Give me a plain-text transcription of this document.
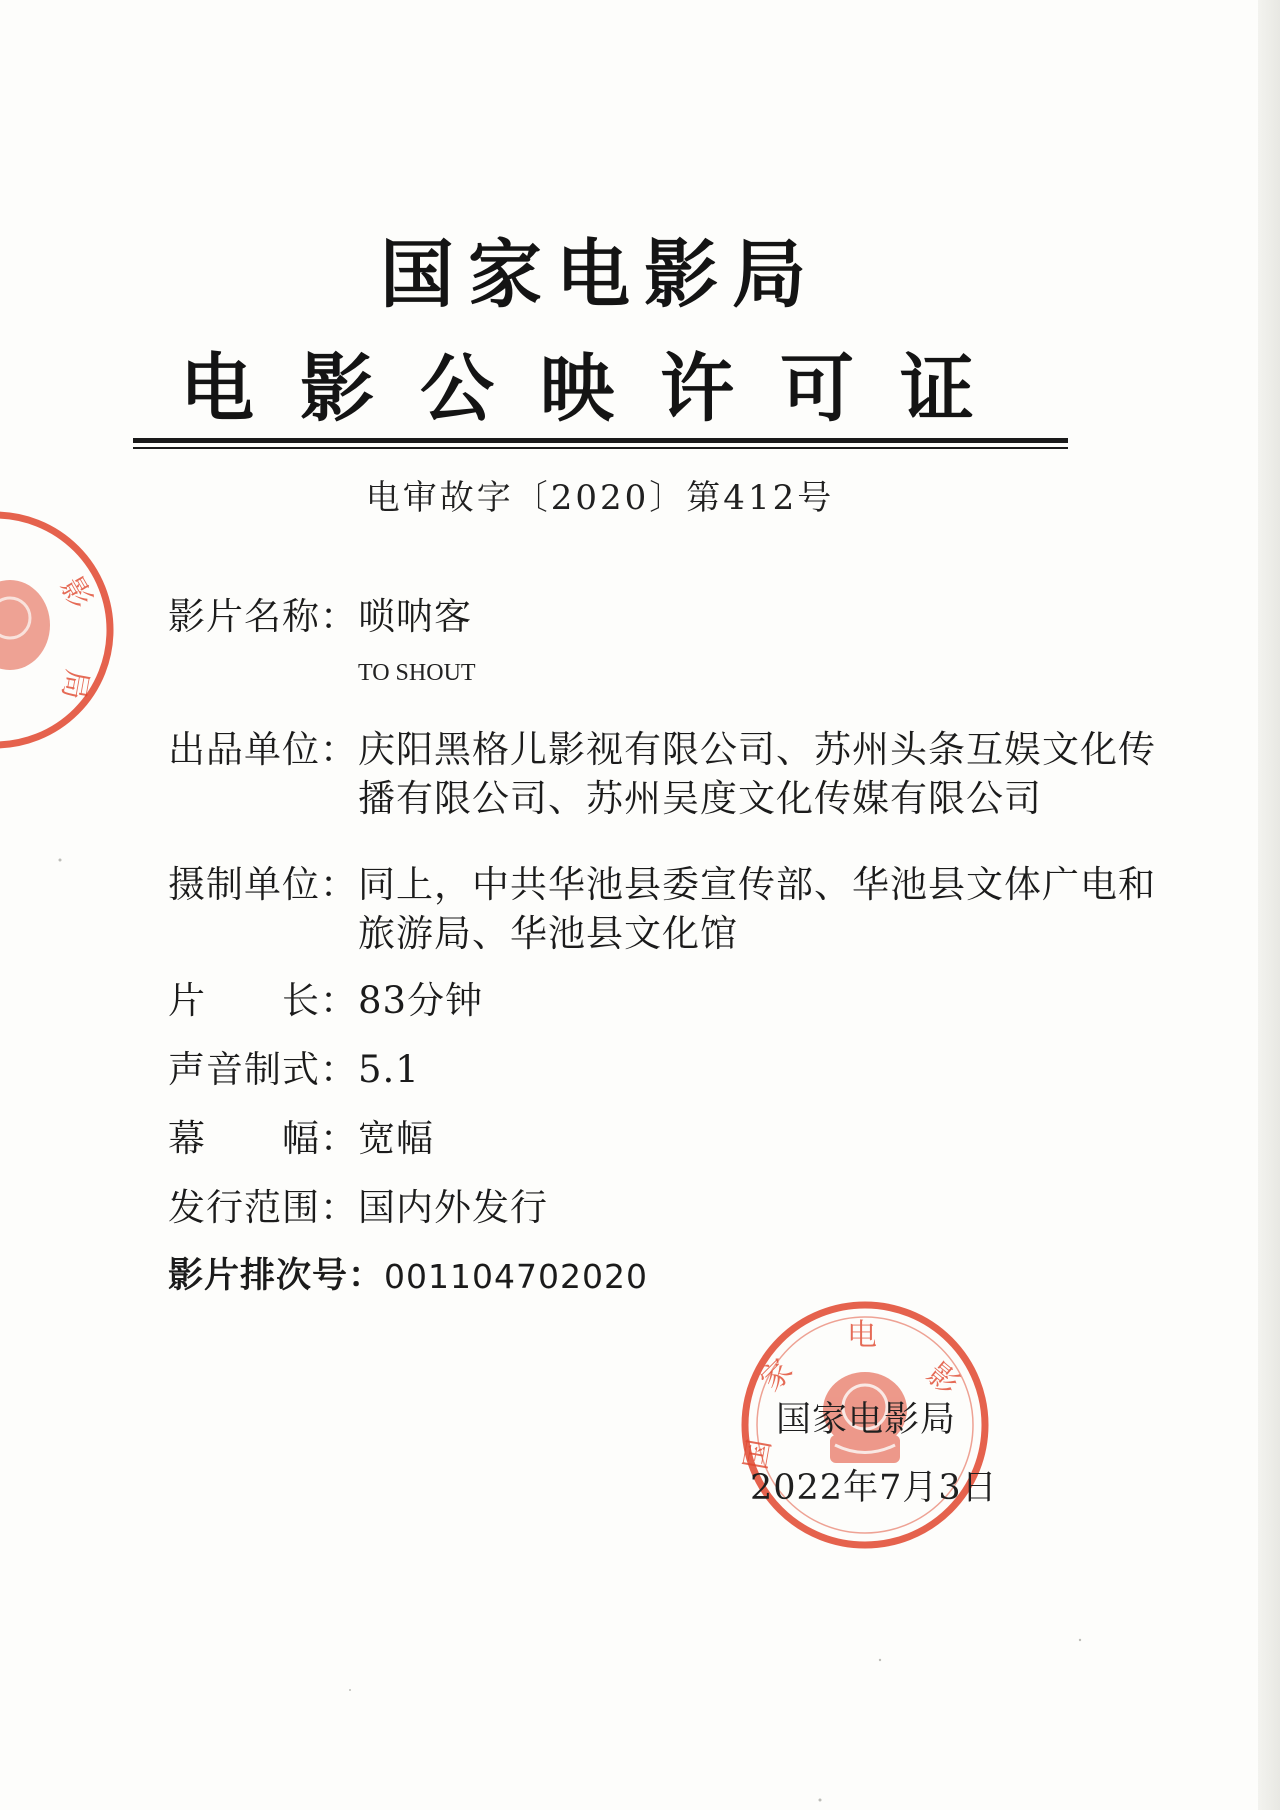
国家电影局
电影公映许可证
电审故字〔2020〕第412号
影片名称： 唢呐客
TO SHOUT
出品单位： 庆阳黑格儿影视有限公司、苏州头条互娱文化传播有限公司、苏州吴度文化传媒有限公司
摄制单位： 同上，中共华池县委宣传部、华池县文体广电和旅游局、华池县文化馆
片　　长： 83分钟
声音制式： 5.1
幕　　幅： 宽幅
发行范围： 国内外发行
影片排次号： 001104702020
家
电
影
国
国家电影局
2022年7月3日
影
局
